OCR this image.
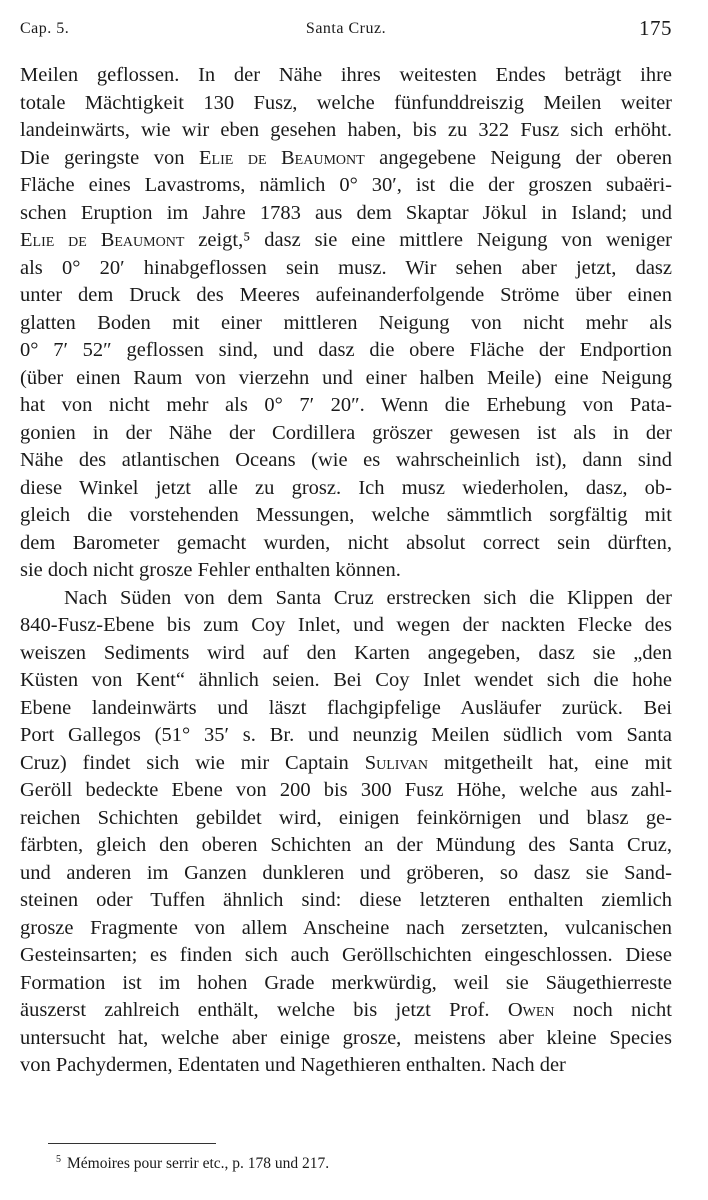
Cap. 5.	Santa Cruz.	175
Meilen geflossen. In der Nähe ihres weitesten Endes beträgt ihre
totale Mächtigkeit 130 Fusz, welche fünfunddreiszig Meilen weiter
landeinwärts, wie wir eben gesehen haben, bis zu 322 Fusz sich erhöht.
Die geringste von Elie de Beaumont angegebene Neigung der oberen
Fläche eines Lavastroms, nämlich 0° 30′, ist die der groszen subaëri-
schen Eruption im Jahre 1783 aus dem Skaptar Jökul in Island; und
Elie de Beaumont zeigt,⁵ dasz sie eine mittlere Neigung von weniger
als 0° 20′ hinabgeflossen sein musz. Wir sehen aber jetzt, dasz
unter dem Druck des Meeres aufeinanderfolgende Ströme über einen
glatten Boden mit einer mittleren Neigung von nicht mehr als
0° 7′ 52″ geflossen sind, und dasz die obere Fläche der Endportion
(über einen Raum von vierzehn und einer halben Meile) eine Neigung
hat von nicht mehr als 0° 7′ 20″. Wenn die Erhebung von Pata-
gonien in der Nähe der Cordillera gröszer gewesen ist als in der
Nähe des atlantischen Oceans (wie es wahrscheinlich ist), dann sind
diese Winkel jetzt alle zu grosz. Ich musz wiederholen, dasz, ob-
gleich die vorstehenden Messungen, welche sämmtlich sorgfältig mit
dem Barometer gemacht wurden, nicht absolut correct sein dürften,
sie doch nicht grosze Fehler enthalten können.
Nach Süden von dem Santa Cruz erstrecken sich die Klippen der
840-Fusz-Ebene bis zum Coy Inlet, und wegen der nackten Flecke des
weiszen Sediments wird auf den Karten angegeben, dasz sie „den
Küsten von Kent“ ähnlich seien. Bei Coy Inlet wendet sich die hohe
Ebene landeinwärts und läszt flachgipfelige Ausläufer zurück. Bei
Port Gallegos (51° 35′ s. Br. und neunzig Meilen südlich vom Santa
Cruz) findet sich wie mir Captain Sulivan mitgetheilt hat, eine mit
Geröll bedeckte Ebene von 200 bis 300 Fusz Höhe, welche aus zahl-
reichen Schichten gebildet wird, einigen feinkörnigen und blasz ge-
färbten, gleich den oberen Schichten an der Mündung des Santa Cruz,
und anderen im Ganzen dunkleren und gröberen, so dasz sie Sand-
steinen oder Tuffen ähnlich sind: diese letzteren enthalten ziemlich
grosze Fragmente von allem Anscheine nach zersetzten, vulcanischen
Gesteinsarten; es finden sich auch Geröllschichten eingeschlossen. Diese
Formation ist im hohen Grade merkwürdig, weil sie Säugethierreste
äuszerst zahlreich enthält, welche bis jetzt Prof. Owen noch nicht
untersucht hat, welche aber einige grosze, meistens aber kleine Species
von Pachydermen, Edentaten und Nagethieren enthalten. Nach der
$^5$ Mémoires pour serrir etc., p. 178 und 217.
